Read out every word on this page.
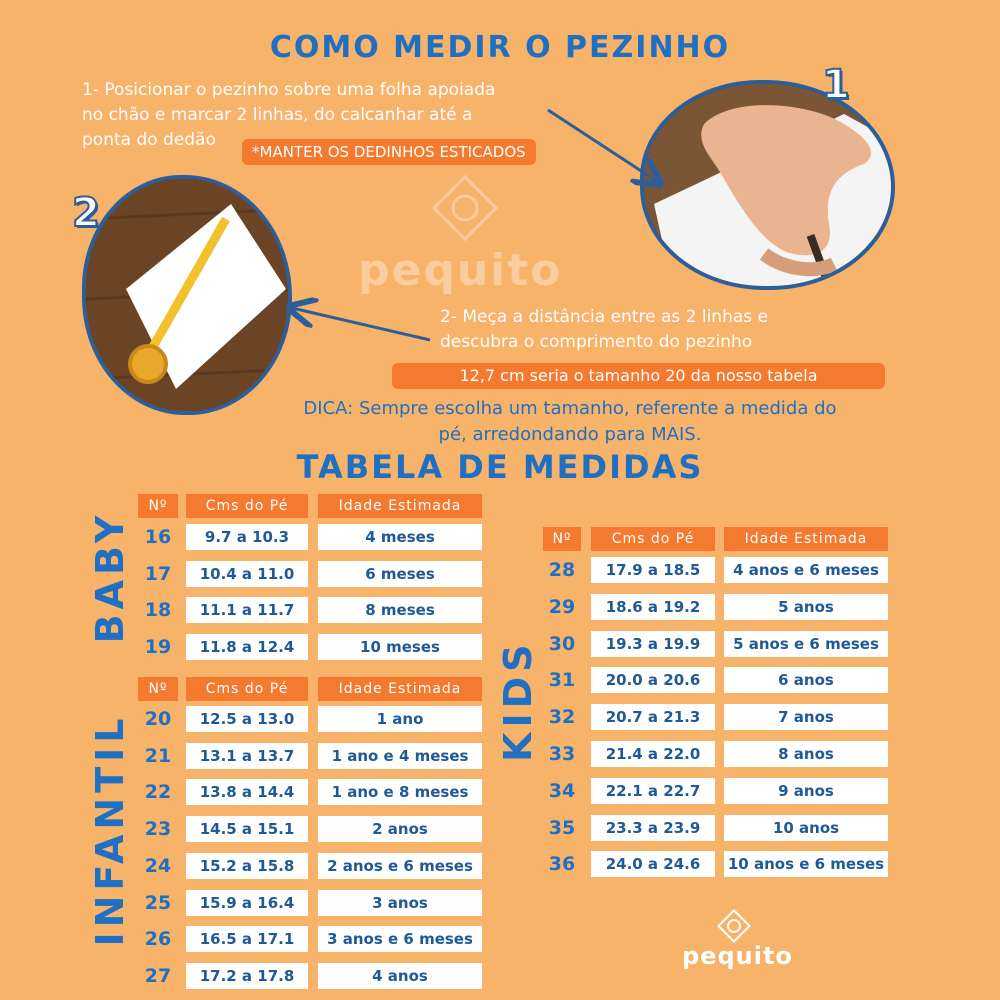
COMO MEDIR O PEZINHO
pequito
1- Posicionar o pezinho sobre uma folha apoiada
no chão e marcar 2 linhas, do calcanhar até a
ponta do dedão
*MANTER OS DEDINHOS ESTICADOS
1
2
2- Meça a distância entre as 2 linhas e
descubra o comprimento do pezinho
12,7 cm seria o tamanho 20 da nosso tabela
DICA: Sempre escolha um tamanho, referente a medida do
pé, arredondando para MAIS.
TABELA DE MEDIDAS
BABY
INFANTIL
KIDS
Nº	Cms do Pé	Idade Estimada
16	9.7 a 10.3	4 meses
17	10.4 a 11.0	6 meses
18	11.1 a 11.7	8 meses
19	11.8 a 12.4	10 meses
Nº	Cms do Pé	Idade Estimada
20	12.5 a 13.0	1 ano
21	13.1 a 13.7	1 ano e 4 meses
22	13.8 a 14.4	1 ano e 8 meses
23	14.5 a 15.1	2 anos
24	15.2 a 15.8	2 anos e 6 meses
25	15.9 a 16.4	3 anos
26	16.5 a 17.1	3 anos e 6 meses
27	17.2 a 17.8	4 anos
Nº	Cms do Pé	Idade Estimada
28	17.9 a 18.5	4 anos e 6 meses
29	18.6 a 19.2	5 anos
30	19.3 a 19.9	5 anos e 6 meses
31	20.0 a 20.6	6 anos
32	20.7 a 21.3	7 anos
33	21.4 a 22.0	8 anos
34	22.1 a 22.7	9 anos
35	23.3 a 23.9	10 anos
36	24.0 a 24.6	10 anos e 6 meses
pequito
